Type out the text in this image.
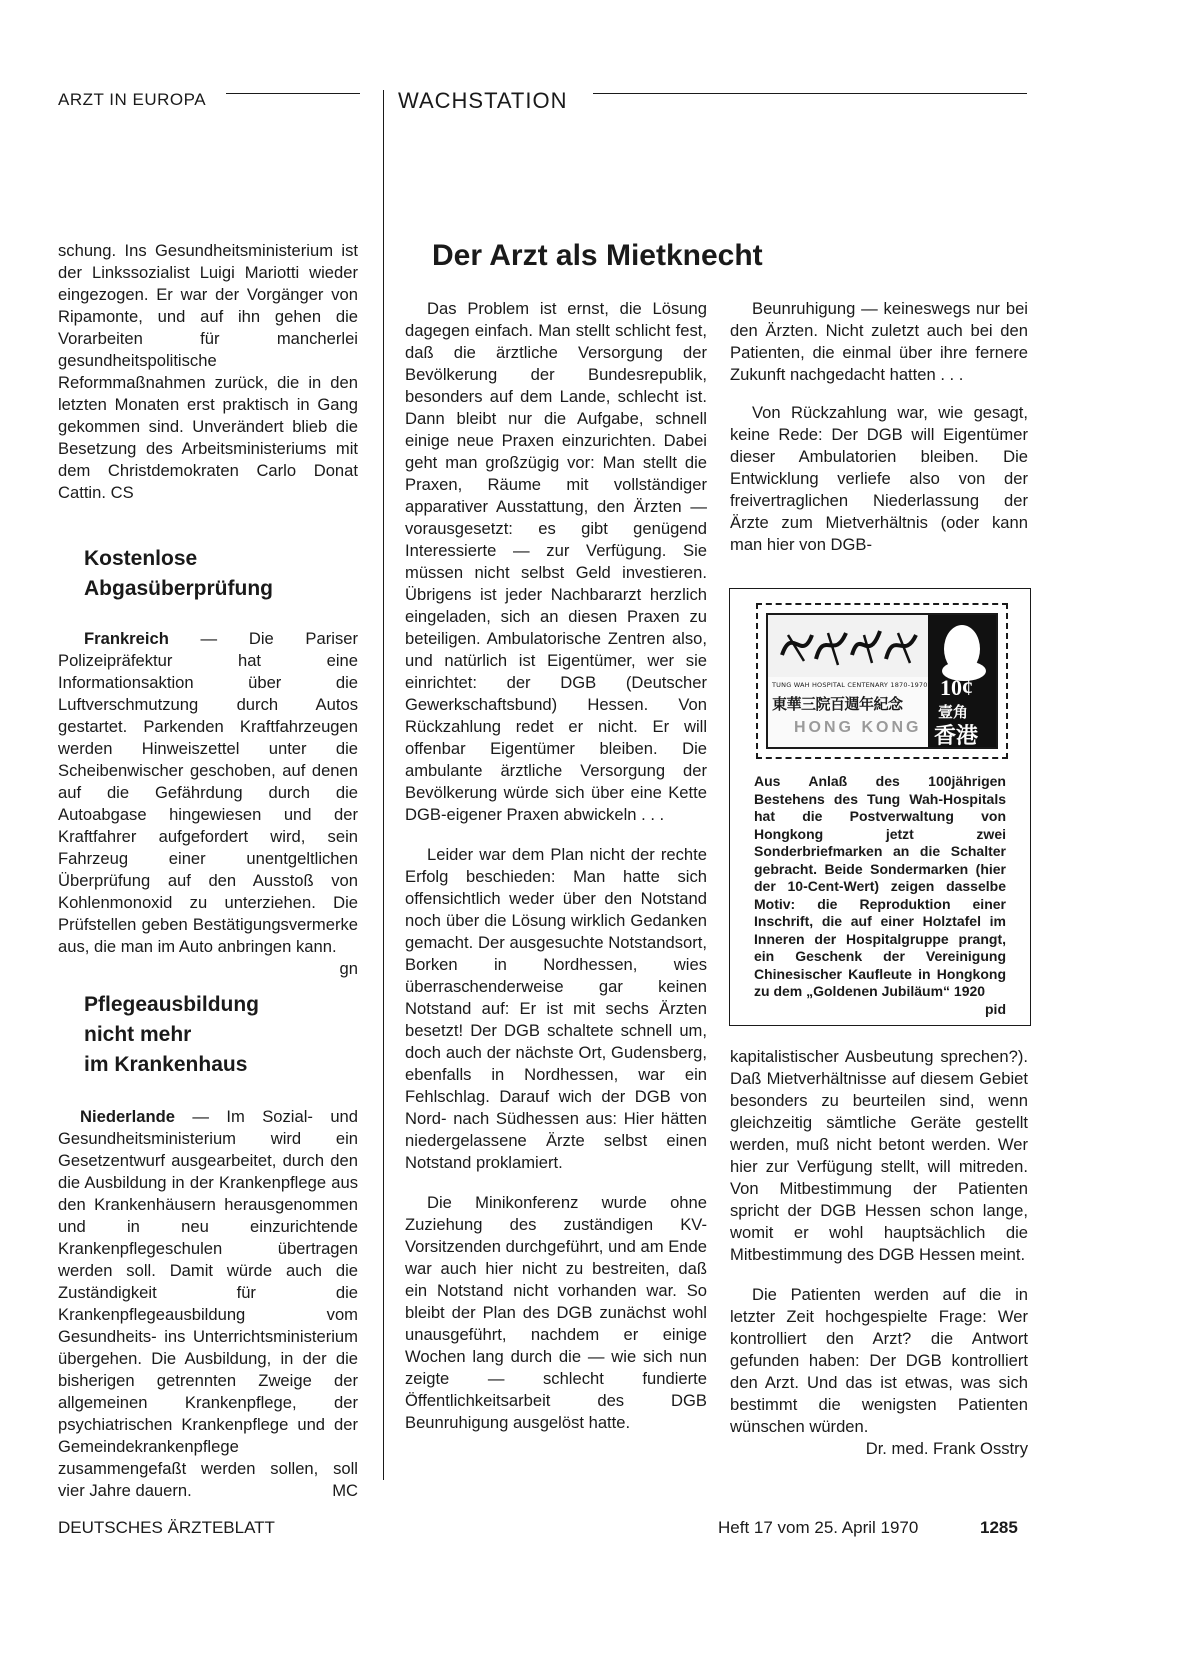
ARZT IN EUROPA	WACHSTATION

schung. Ins Gesundheitsministerium ist der Linkssozialist Luigi Mariotti wieder eingezogen. Er war der Vorgänger von Ripamonte, und auf ihn gehen die Vorarbeiten für mancherlei gesundheitspolitische Reformmaßnahmen zurück, die in den letzten Monaten erst praktisch in Gang gekommen sind. Unverändert blieb die Besetzung des Arbeitsministeriums mit dem Christdemokraten Carlo Donat Cattin. CS

Kostenlose
Abgasüberprüfung

Frankreich — Die Pariser Polizeipräfektur hat eine Informationsaktion über die Luftverschmutzung durch Autos gestartet. Parkenden Kraftfahrzeugen werden Hinweiszettel unter die Scheibenwischer geschoben, auf denen auf die Gefährdung durch die Autoabgase hingewiesen und der Kraftfahrer aufgefordert wird, sein Fahrzeug einer unentgeltlichen Überprüfung auf den Ausstoß von Kohlenmonoxid zu unterziehen. Die Prüfstellen geben Bestätigungsvermerke aus, die man im Auto anbringen kann.
gn

Pflegeausbildung
nicht mehr
im Krankenhaus

Niederlande — Im Sozial- und Gesundheitsministerium wird ein Gesetzentwurf ausgearbeitet, durch den die Ausbildung in der Krankenpflege aus den Krankenhäusern herausgenommen und in neu einzurichtende Krankenpflegeschulen übertragen werden soll. Damit würde auch die Zuständigkeit für die Krankenpflegeausbildung vom Gesundheits- ins Unterrichtsministerium übergehen. Die Ausbildung, in der die bisherigen getrennten Zweige der allgemeinen Krankenpflege, der psychiatrischen Krankenpflege und der Gemeindekrankenpflege zusammengefaßt werden sollen, soll vier Jahre dauern.	MC

Der Arzt als Mietknecht

Das Problem ist ernst, die Lösung dagegen einfach. Man stellt schlicht fest, daß die ärztliche Versorgung der Bevölkerung der Bundesrepublik, besonders auf dem Lande, schlecht ist. Dann bleibt nur die Aufgabe, schnell einige neue Praxen einzurichten. Dabei geht man großzügig vor: Man stellt die Praxen, Räume mit vollständiger apparativer Ausstattung, den Ärzten — vorausgesetzt: es gibt genügend Interessierte — zur Verfügung. Sie müssen nicht selbst Geld investieren. Übrigens ist jeder Nachbararzt herzlich eingeladen, sich an diesen Praxen zu beteiligen. Ambulatorische Zentren also, und natürlich ist Eigentümer, wer sie einrichtet: der DGB (Deutscher Gewerkschaftsbund) Hessen. Von Rückzahlung redet er nicht. Er will offenbar Eigentümer bleiben. Die ambulante ärztliche Versorgung der Bevölkerung würde sich über eine Kette DGB-eigener Praxen abwickeln . . .

Leider war dem Plan nicht der rechte Erfolg beschieden: Man hatte sich offensichtlich weder über den Notstand noch über die Lösung wirklich Gedanken gemacht. Der ausgesuchte Notstandsort, Borken in Nordhessen, wies überraschenderweise gar keinen Notstand auf: Er ist mit sechs Ärzten besetzt! Der DGB schaltete schnell um, doch auch der nächste Ort, Gudensberg, ebenfalls in Nordhessen, war ein Fehlschlag. Darauf wich der DGB von Nord- nach Südhessen aus: Hier hätten niedergelassene Ärzte selbst einen Notstand proklamiert.

Die Minikonferenz wurde ohne Zuziehung des zuständigen KV-Vorsitzenden durchgeführt, und am Ende war auch hier nicht zu bestreiten, daß ein Notstand nicht vorhanden war. So bleibt der Plan des DGB zunächst wohl unausgeführt, nachdem er einige Wochen lang durch die — wie sich nun zeigte — schlecht fundierte Öffentlichkeitsarbeit des DGB Beunruhigung ausgelöst hatte.

Beunruhigung — keineswegs nur bei den Ärzten. Nicht zuletzt auch bei den Patienten, die einmal über ihre fernere Zukunft nachgedacht hatten . . .

Von Rückzahlung war, wie gesagt, keine Rede: Der DGB will Eigentümer dieser Ambulatorien bleiben. Die Entwicklung verliefe also von der freivertraglichen Niederlassung der Ärzte zum Mietverhältnis (oder kann man hier von DGB-

TUNG WAH HOSPITAL CENTENARY 1870-1970
東華三院百週年紀念
HONG KONG
10¢
壹角
香港
Aus Anlaß des 100jährigen Bestehens des Tung Wah-Hospitals hat die Postverwaltung von Hongkong jetzt zwei Sonderbriefmarken an die Schalter gebracht. Beide Sondermarken (hier der 10-Cent-Wert) zeigen dasselbe Motiv: die Reproduktion einer Inschrift, die auf einer Holztafel im Inneren der Hospitalgruppe prangt, ein Geschenk der Vereinigung Chinesischer Kaufleute in Hongkong zu dem „Goldenen Jubiläum“ 1920
pid

kapitalistischer Ausbeutung sprechen?). Daß Mietverhältnisse auf diesem Gebiet besonders zu beurteilen sind, wenn gleichzeitig sämtliche Geräte gestellt werden, muß nicht betont werden. Wer hier zur Verfügung stellt, will mitreden. Von Mitbestimmung der Patienten spricht der DGB Hessen schon lange, womit er wohl hauptsächlich die Mitbestimmung des DGB Hessen meint.

Die Patienten werden auf die in letzter Zeit hochgespielte Frage: Wer kontrolliert den Arzt? die Antwort gefunden haben: Der DGB kontrolliert den Arzt. Und das ist etwas, was sich bestimmt die wenigsten Patienten wünschen würden.
Dr. med. Frank Osstry

DEUTSCHES ÄRZTEBLATT	Heft 17 vom 25. April 1970	1285
